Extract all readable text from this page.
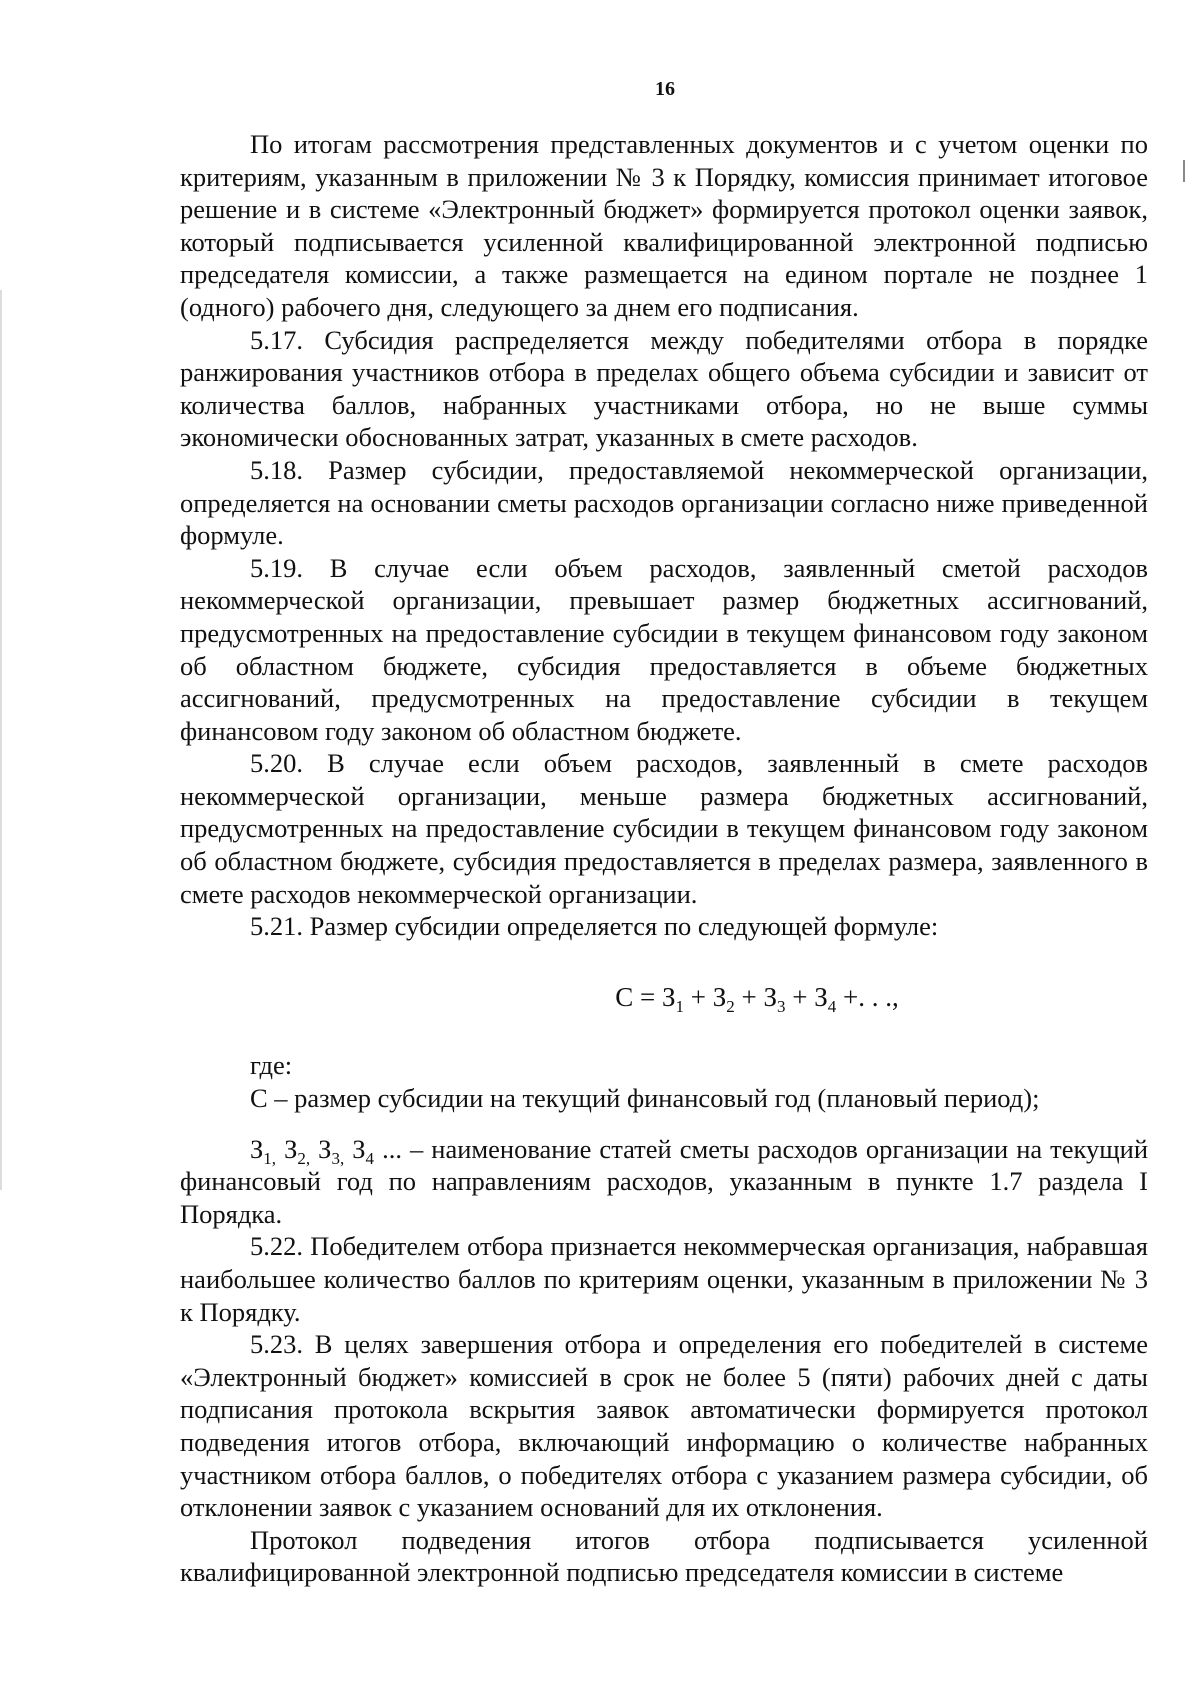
16

По итогам рассмотрения представленных документов и с учетом оценки по критериям, указанным в приложении № 3 к Порядку, комиссия принимает итоговое решение и в системе «Электронный бюджет» формируется протокол оценки заявок, который подписывается усиленной квалифицированной электронной подписью председателя комиссии, а также размещается на едином портале не позднее 1 (одного) рабочего дня, следующего за днем его подписания.

5.17. Субсидия распределяется между победителями отбора в порядке ранжирования участников отбора в пределах общего объема субсидии и зависит от количества баллов, набранных участниками отбора, но не выше суммы экономически обоснованных затрат, указанных в смете расходов.

5.18. Размер субсидии, предоставляемой некоммерческой организации, определяется на основании сметы расходов организации согласно ниже приведенной формуле.

5.19. В случае если объем расходов, заявленный сметой расходов некоммерческой организации, превышает размер бюджетных ассигнований, предусмотренных на предоставление субсидии в текущем финансовом году законом об областном бюджете, субсидия предоставляется в объеме бюджетных ассигнований, предусмотренных на предоставление субсидии в текущем финансовом году законом об областном бюджете.

5.20. В случае если объем расходов, заявленный в смете расходов некоммерческой организации, меньше размера бюджетных ассигнований, предусмотренных на предоставление субсидии в текущем финансовом году законом об областном бюджете, субсидия предоставляется в пределах размера, заявленного в смете расходов некоммерческой организации.

5.21. Размер субсидии определяется по следующей формуле:

$С = З_1 + З_2 + З_3 + З_4$ +. . .,

где:

С – размер субсидии на текущий финансовый год (плановый период);

$З_{1,}$ $З_{2,}$ $З_{3,}$ $З_4$ ... – наименование статей сметы расходов организации на текущий финансовый год по направлениям расходов, указанным в пункте 1.7 раздела I Порядка.

5.22. Победителем отбора признается некоммерческая организация, набравшая наибольшее количество баллов по критериям оценки, указанным в приложении № 3 к Порядку.

5.23. В целях завершения отбора и определения его победителей в системе «Электронный бюджет» комиссией в срок не более 5 (пяти) рабочих дней с даты подписания протокола вскрытия заявок автоматически формируется протокол подведения итогов отбора, включающий информацию о количестве набранных участником отбора баллов, о победителях отбора с указанием размера субсидии, об отклонении заявок с указанием оснований для их отклонения.

Протокол подведения итогов отбора подписывается усиленной квалифицированной электронной подписью председателя комиссии в системе
